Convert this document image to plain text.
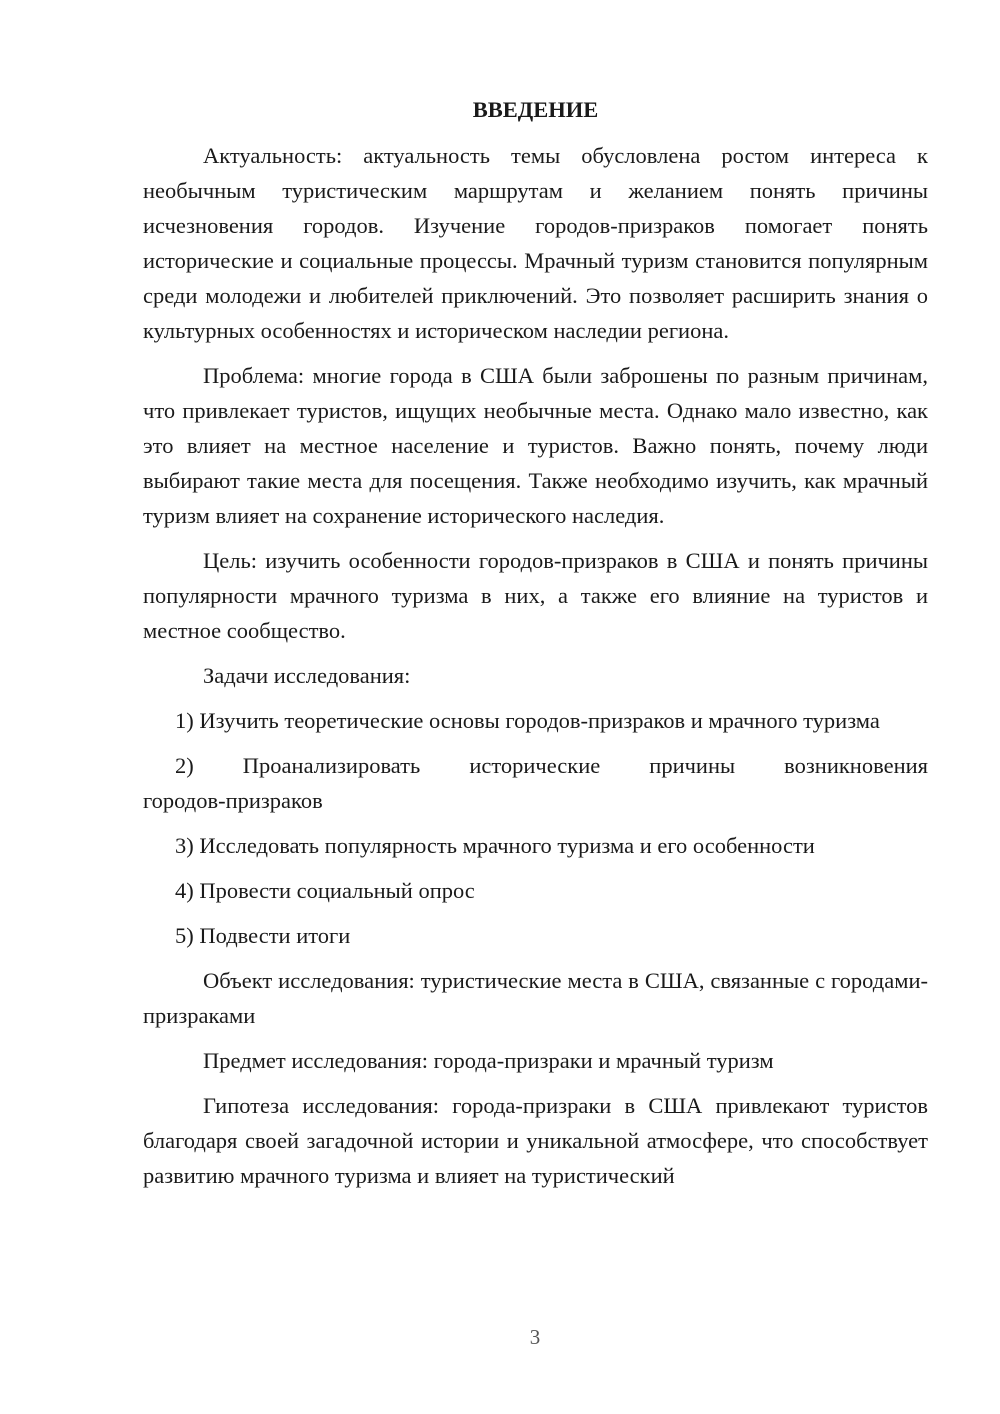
ВВЕДЕНИЕ

Актуальность: актуальность темы обусловлена ростом интереса к необычным туристическим маршрутам и желанием понять причины исчезновения городов. Изучение городов-призраков помогает понять исторические и социальные процессы. Мрачный туризм становится популярным среди молодежи и любителей приключений. Это позволяет расширить знания о культурных особенностях и историческом наследии региона.

Проблема: многие города в США были заброшены по разным причинам, что привлекает туристов, ищущих необычные места. Однако мало известно, как это влияет на местное население и туристов. Важно понять, почему люди выбирают такие места для посещения. Также необходимо изучить, как мрачный туризм влияет на сохранение исторического наследия.

Цель: изучить особенности городов-призраков в США и понять причины популярности мрачного туризма в них, а также его влияние на туристов и местное сообщество.

Задачи исследования:

1) Изучить теоретические основы городов-призраков и мрачного туризма

2) Проанализировать исторические причины возникновения городов-призраков

3) Исследовать популярность мрачного туризма и его особенности

4) Провести социальный опрос

5) Подвести итоги

Объект исследования: туристические места в США, связанные с городами-призраками

Предмет исследования: города-призраки и мрачный туризм

Гипотеза исследования: города-призраки в США привлекают туристов благодаря своей загадочной истории и уникальной атмосфере, что способствует развитию мрачного туризма и влияет на туристический

3
